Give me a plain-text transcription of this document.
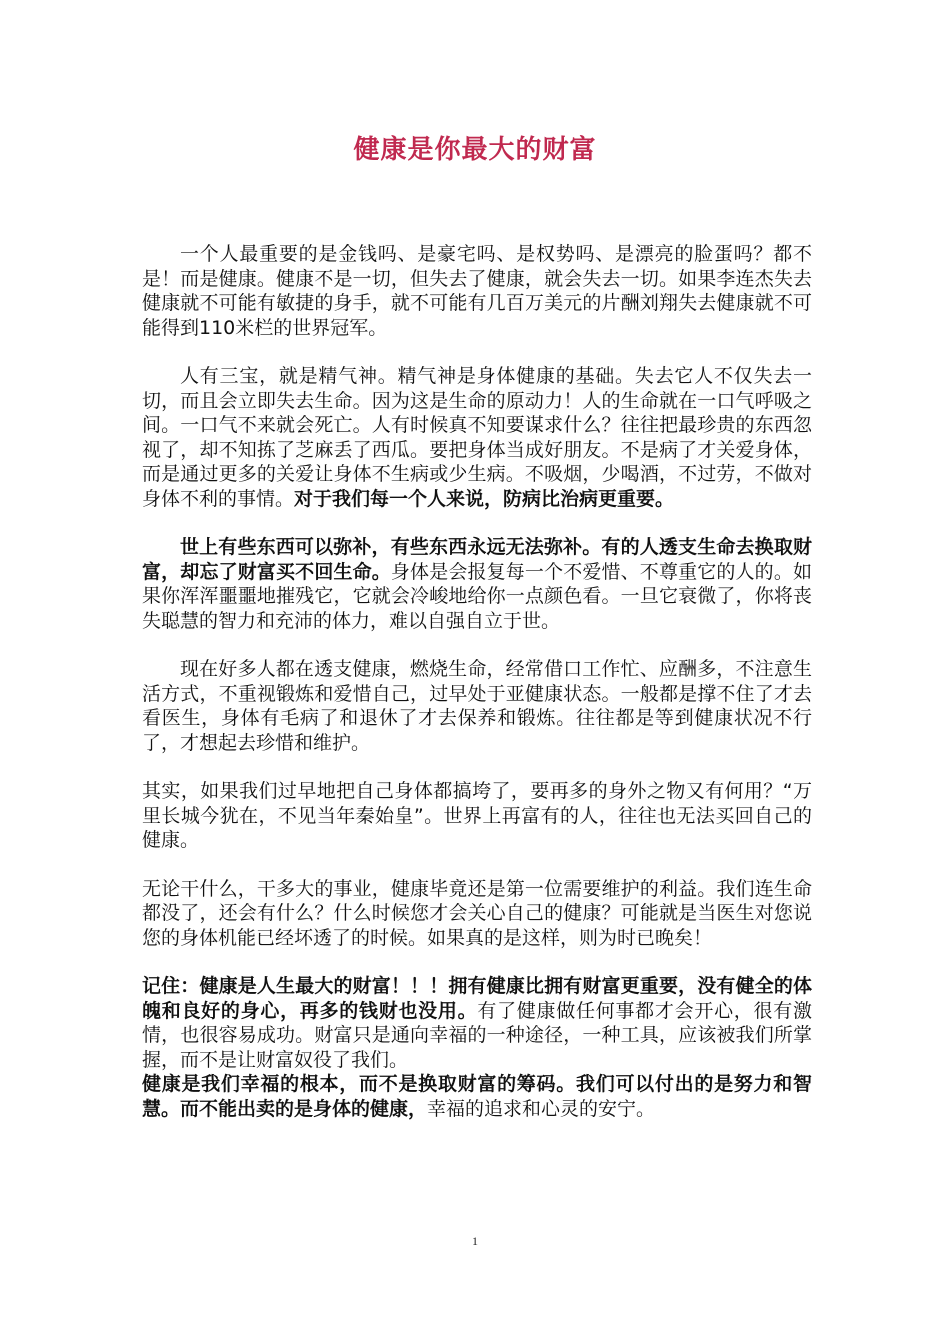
健康是你最大的财富

一个人最重要的是金钱吗、是豪宅吗、是权势吗、是漂亮的脸蛋吗？都不是！而是健康。健康不是一切，但失去了健康，就会失去一切。如果李连杰失去健康就不可能有敏捷的身手，就不可能有几百万美元的片酬刘翔失去健康就不可能得到110米栏的世界冠军。

人有三宝，就是精气神。精气神是身体健康的基础。失去它人不仅失去一切，而且会立即失去生命。因为这是生命的原动力！人的生命就在一口气呼吸之间。一口气不来就会死亡。人有时候真不知要谋求什么？往往把最珍贵的东西忽视了，却不知拣了芝麻丢了西瓜。要把身体当成好朋友。不是病了才关爱身体，而是通过更多的关爱让身体不生病或少生病。不吸烟，少喝酒，不过劳，不做对身体不利的事情。对于我们每一个人来说，防病比治病更重要。

世上有些东西可以弥补，有些东西永远无法弥补。有的人透支生命去换取财富，却忘了财富买不回生命。身体是会报复每一个不爱惜、不尊重它的人的。如果你浑浑噩噩地摧残它，它就会冷峻地给你一点颜色看。一旦它衰微了，你将丧失聪慧的智力和充沛的体力，难以自强自立于世。

现在好多人都在透支健康，燃烧生命，经常借口工作忙、应酬多，不注意生活方式，不重视锻炼和爱惜自己，过早处于亚健康状态。一般都是撑不住了才去看医生，身体有毛病了和退休了才去保养和锻炼。往往都是等到健康状况不行了，才想起去珍惜和维护。

其实，如果我们过早地把自己身体都搞垮了，要再多的身外之物又有何用？“万里长城今犹在，不见当年秦始皇”。世界上再富有的人，往往也无法买回自己的健康。

无论干什么，干多大的事业，健康毕竟还是第一位需要维护的利益。我们连生命都没了，还会有什么？什么时候您才会关心自己的健康？可能就是当医生对您说您的身体机能已经坏透了的时候。如果真的是这样，则为时已晚矣！

记住：健康是人生最大的财富！！！拥有健康比拥有财富更重要，没有健全的体魄和良好的身心，再多的钱财也没用。有了健康做任何事都才会开心，很有激情，也很容易成功。财富只是通向幸福的一种途径，一种工具，应该被我们所掌握，而不是让财富奴役了我们。

健康是我们幸福的根本，而不是换取财富的筹码。我们可以付出的是努力和智慧。而不能出卖的是身体的健康，幸福的追求和心灵的安宁。

1
